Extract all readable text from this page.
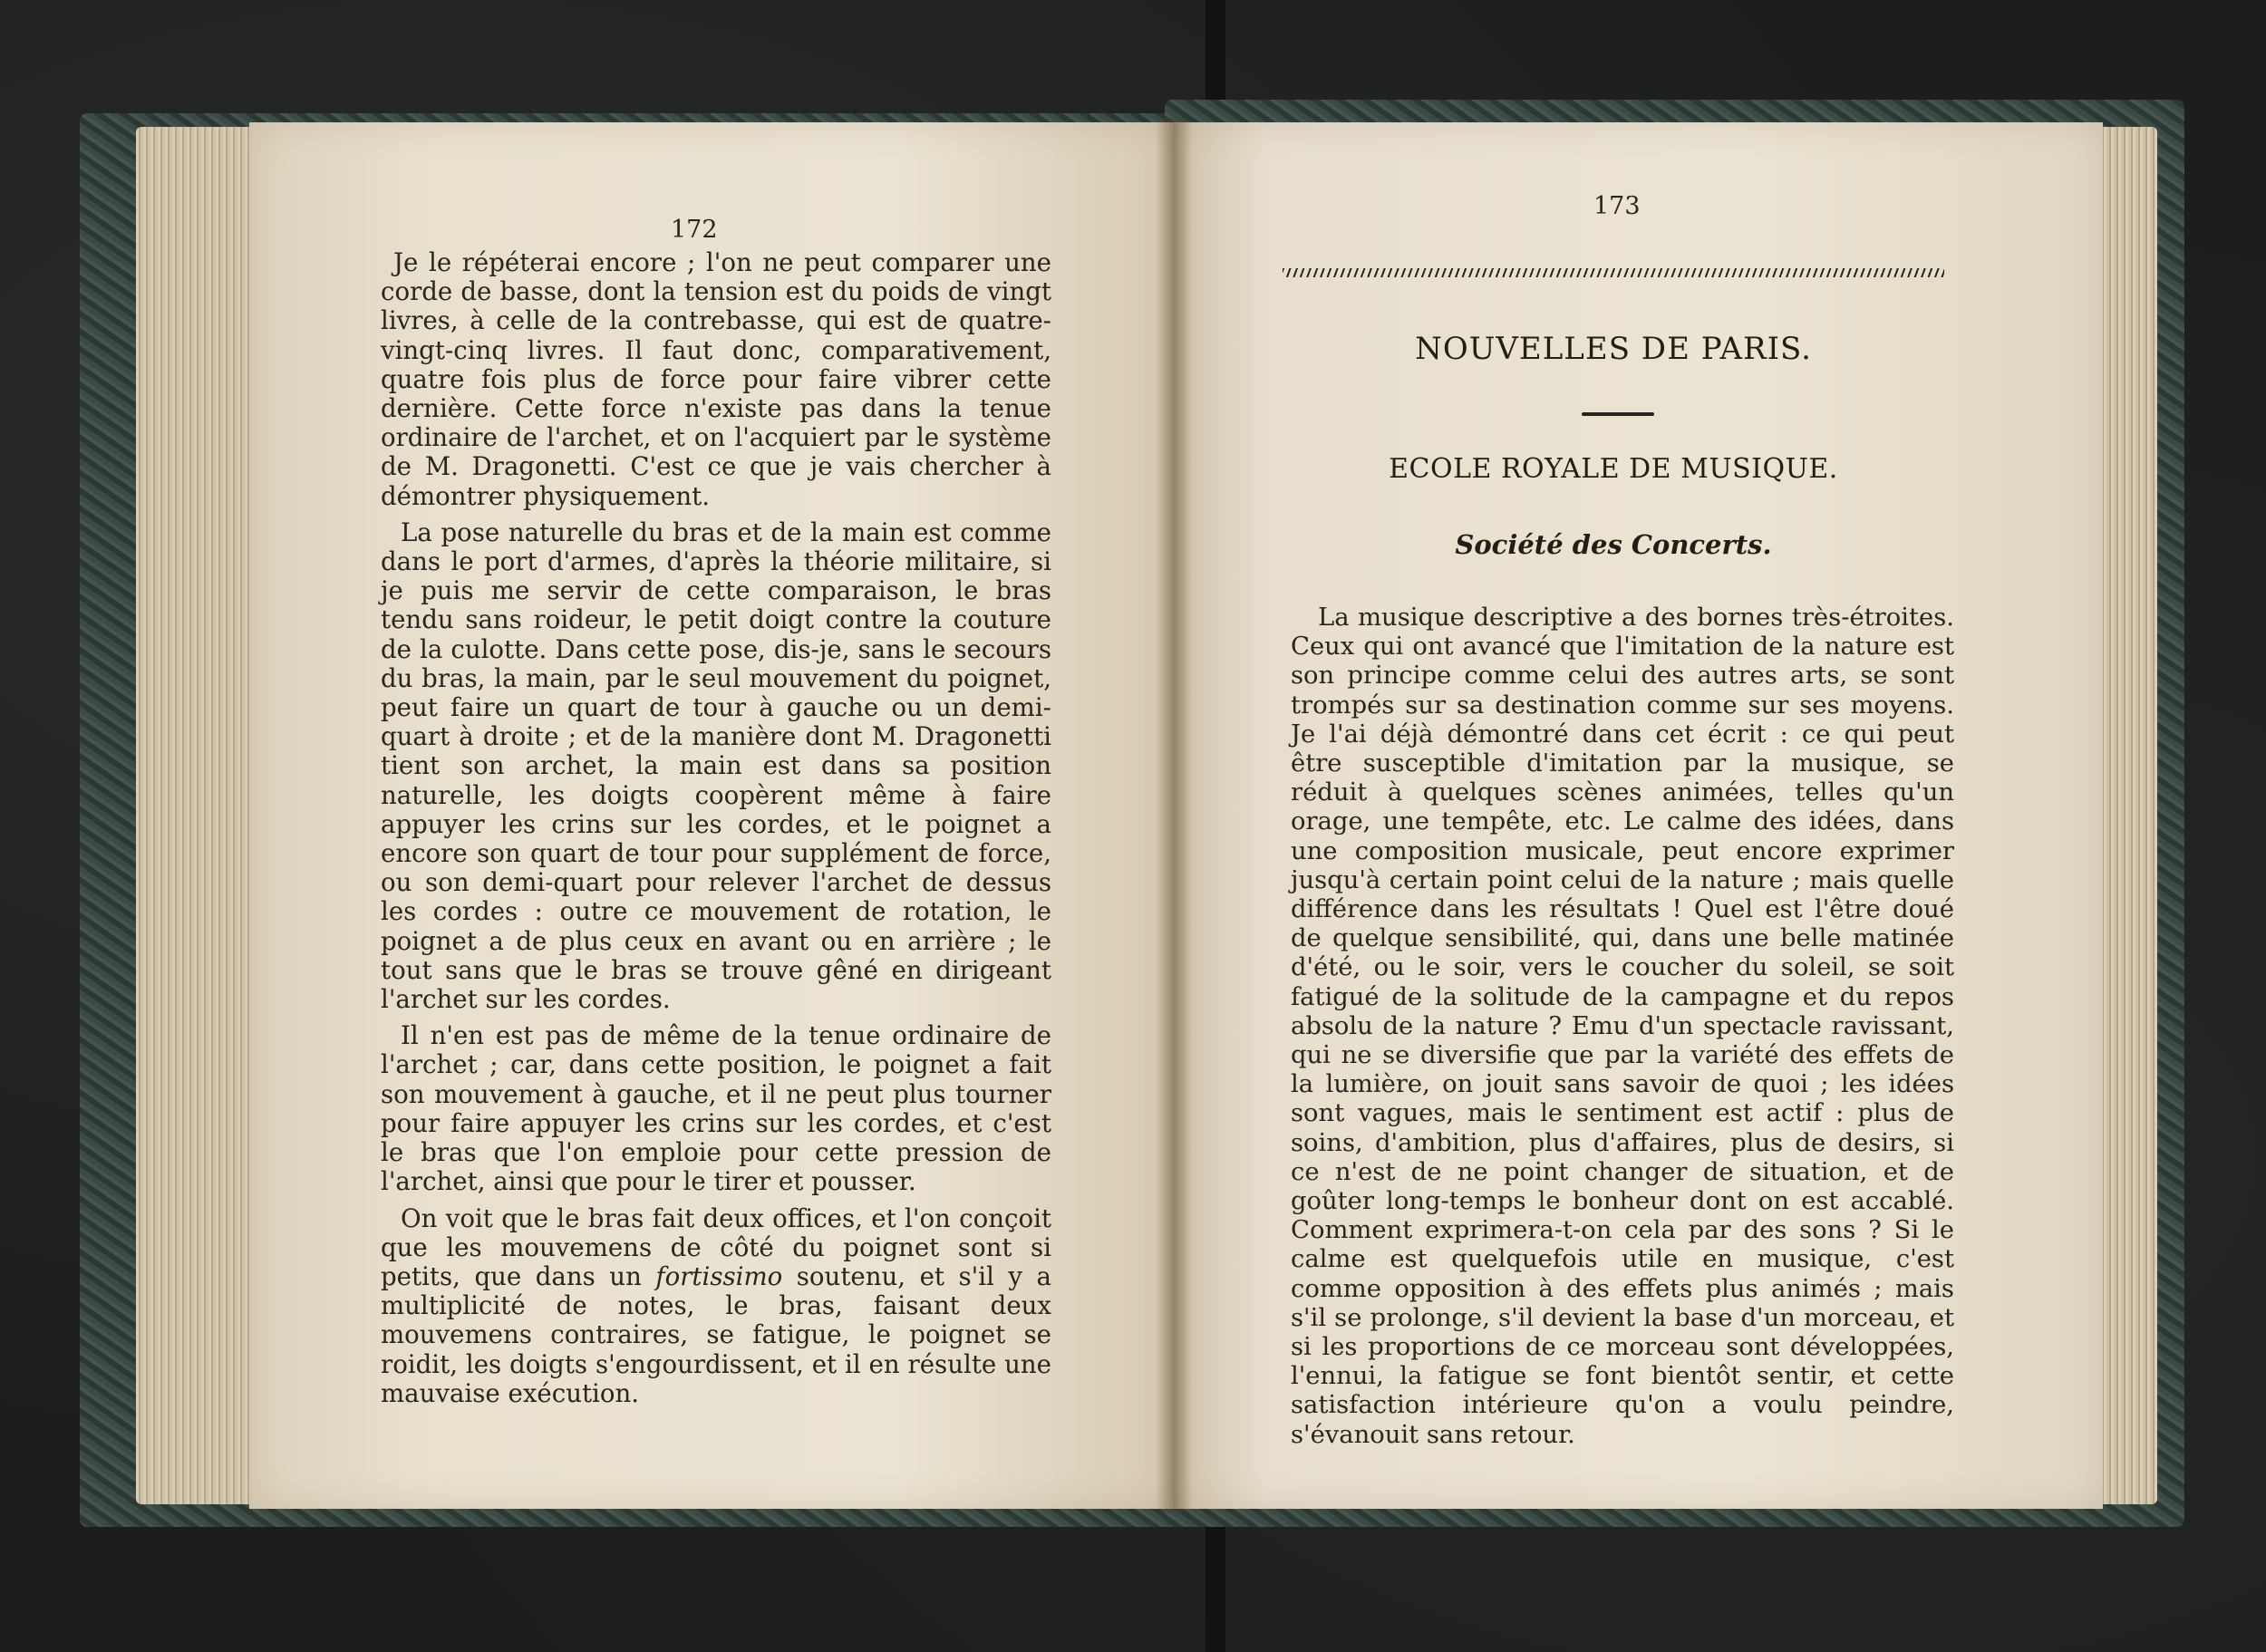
172

Je le répéterai encore ; l'on ne peut comparer une corde de basse, dont la tension est du poids de vingt livres, à celle de la contrebasse, qui est de quatre-vingt-cinq livres. Il faut donc, comparativement, quatre fois plus de force pour faire vibrer cette dernière. Cette force n'existe pas dans la tenue ordinaire de l'archet, et on l'acquiert par le système de M. Dragonetti. C'est ce que je vais chercher à démontrer physiquement.

La pose naturelle du bras et de la main est comme dans le port d'armes, d'après la théorie militaire, si je puis me servir de cette comparaison, le bras tendu sans roideur, le petit doigt contre la couture de la culotte. Dans cette pose, dis-je, sans le secours du bras, la main, par le seul mouvement du poignet, peut faire un quart de tour à gauche ou un demi-quart à droite ; et de la manière dont M. Dragonetti tient son archet, la main est dans sa position naturelle, les doigts coopèrent même à faire appuyer les crins sur les cordes, et le poignet a encore son quart de tour pour supplément de force, ou son demi-quart pour relever l'archet de dessus les cordes : outre ce mouvement de rotation, le poignet a de plus ceux en avant ou en arrière ; le tout sans que le bras se trouve gêné en dirigeant l'archet sur les cordes.

Il n'en est pas de même de la tenue ordinaire de l'archet ; car, dans cette position, le poignet a fait son mouvement à gauche, et il ne peut plus tourner pour faire appuyer les crins sur les cordes, et c'est le bras que l'on emploie pour cette pression de l'archet, ainsi que pour le tirer et pousser.

On voit que le bras fait deux offices, et l'on conçoit que les mouvemens de côté du poignet sont si petits, que dans un fortissimo soutenu, et s'il y a multiplicité de notes, le bras, faisant deux mouvemens contraires, se fatigue, le poignet se roidit, les doigts s'engourdissent, et il en résulte une mauvaise exécution.

173
NOUVELLES DE PARIS.
ECOLE ROYALE DE MUSIQUE.
Société des Concerts.

La musique descriptive a des bornes très-étroites. Ceux qui ont avancé que l'imitation de la nature est son principe comme celui des autres arts, se sont trompés sur sa destination comme sur ses moyens. Je l'ai déjà démontré dans cet écrit : ce qui peut être susceptible d'imitation par la musique, se réduit à quelques scènes animées, telles qu'un orage, une tempête, etc. Le calme des idées, dans une composition musicale, peut encore exprimer jusqu'à certain point celui de la nature ; mais quelle différence dans les résultats ! Quel est l'être doué de quelque sensibilité, qui, dans une belle matinée d'été, ou le soir, vers le coucher du soleil, se soit fatigué de la solitude de la campagne et du repos absolu de la nature ? Emu d'un spectacle ravissant, qui ne se diversifie que par la variété des effets de la lumière, on jouit sans savoir de quoi ; les idées sont vagues, mais le sentiment est actif : plus de soins, d'ambition, plus d'affaires, plus de desirs, si ce n'est de ne point changer de situation, et de goûter long-temps le bonheur dont on est accablé. Comment exprimera-t-on cela par des sons ? Si le calme est quelquefois utile en musique, c'est comme opposition à des effets plus animés ; mais s'il se prolonge, s'il devient la base d'un morceau, et si les proportions de ce morceau sont développées, l'ennui, la fatigue se font bientôt sentir, et cette satisfaction intérieure qu'on a voulu peindre, s'évanouit sans retour.
